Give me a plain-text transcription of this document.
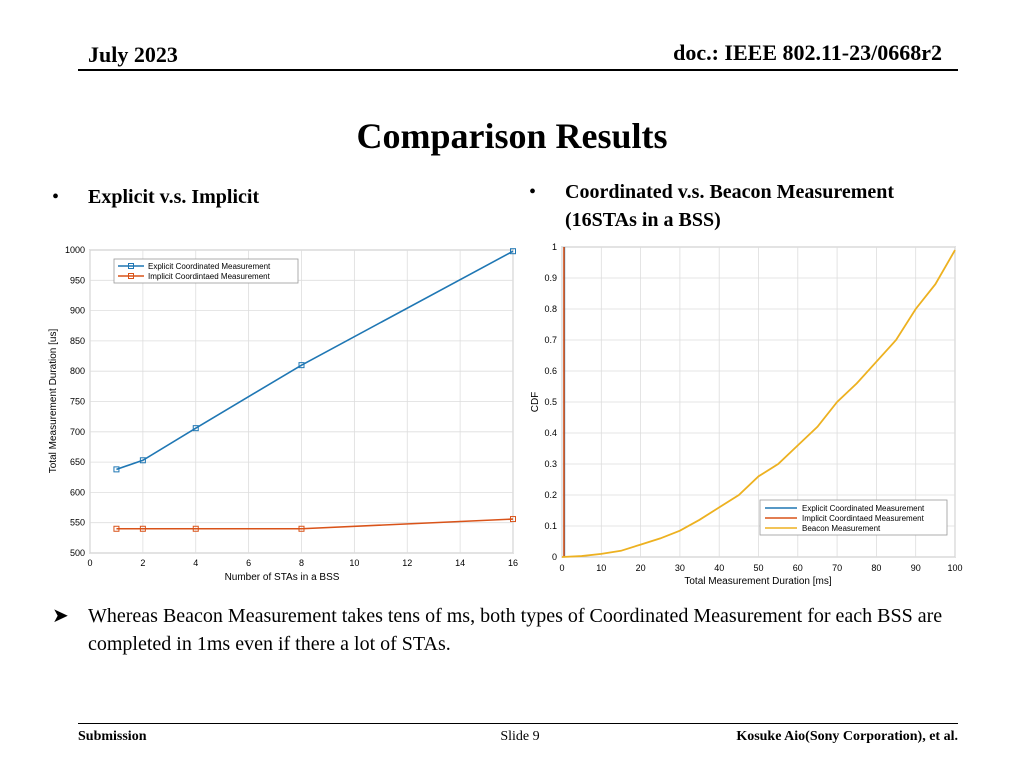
July 2023	doc.: IEEE 802.11-23/0668r2
Comparison Results
• Explicit v.s. Implicit	• Coordinated v.s. Beacon Measurement
(16STAs in a BSS)
0	2	4	6	8	10	12	14	16
500
550
600
650
700
750
800
850
900
950
1000
Explicit Coordinated Measurement
Implicit Coordintaed Measurement
Number of STAs in a BSS
Total Measurement Duration [us]
0	10	20	30	40	50	60	70	80	90	100
0
0.1
0.2
0.3
0.4
0.5
0.6
0.7
0.8
0.9
1
Explicit Coordinated Measurement
Implicit Coordintaed Measurement
Beacon Measurement
Total Measurement Duration [ms]
CDF
➤ Whereas Beacon Measurement takes tens of ms, both types of Coordinated Measurement for each BSS are completed in 1ms even if there a lot of STAs.
Submission	Slide 9	Kosuke Aio(Sony Corporation), et al.
